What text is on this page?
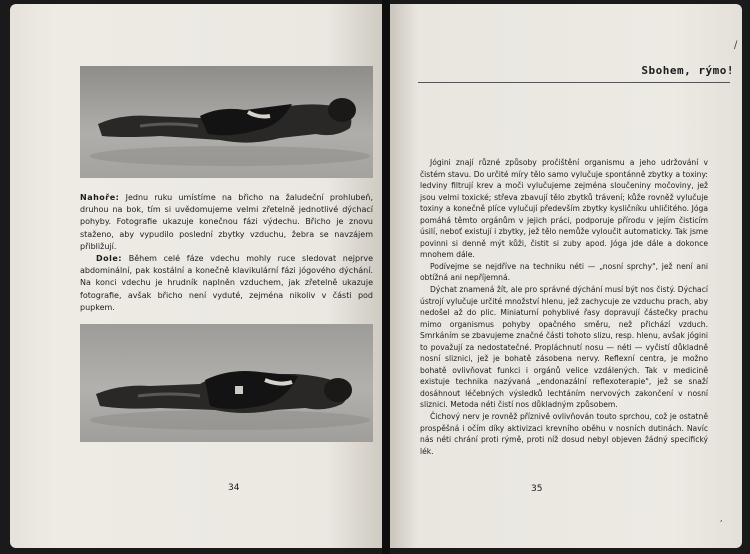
Nahoře: Jednu ruku umístíme na břicho na žaludeční prohlubeň, druhou na bok, tím si uvědomujeme velmi zřetelně jednotlivé dýchací pohyby. Fotografie ukazuje konečnou fázi výdechu. Břicho je znovu staženo, aby vypudilo poslední zbytky vzduchu, žebra se navzájem přibližují.

Dole: Během celé fáze vdechu mohly ruce sledovat nejprve abdominální, pak kostální a konečně klavikulární fázi jógového dýchání. Na konci vdechu je hrudník naplněn vzduchem, jak zřetelně ukazuje fotografie, avšak břicho není vyduté, zejména nikoliv v části pod pupkem.

34
Sbohem, rýmo!

Jógini znají různé způsoby pročištění organismu a jeho udržování v čistém stavu. Do určité míry tělo samo vylučuje spontánně zbytky a toxiny: ledviny filtrují krev a moči vylučujeme zejména sloučeniny močoviny, jež jsou velmi toxické; střeva zbavují tělo zbytků trávení; kůže rovněž vylučuje toxiny a konečně plíce vylučují především zbytky kysličníku uhličitého. Jóga pomáhá těmto orgánům v jejich práci, podporuje přírodu v jejím čisticím úsilí, neboť existují i zbytky, jež tělo nemůže vyloučit automaticky. Tak jsme povinni si denně mýt kůži, čistit si zuby apod. Jóga jde dále a dokonce mnohem dále.

Podívejme se nejdříve na techniku néti — „nosní sprchy", jež není ani obtížná ani nepříjemná.

Dýchat znamená žít, ale pro správné dýchání musí být nos čistý. Dýchací ústrojí vylučuje určité množství hlenu, jež zachycuje ze vzduchu prach, aby nedošel až do plic. Miniaturní pohyblivé řasy dopravují částečky prachu mimo organismus pohyby opačného směru, než přichází vzduch. Smrkáním se zbavujeme značné části tohoto slizu, resp. hlenu, avšak jógini to považují za nedostatečné. Propláchnutí nosu — néti — vyčistí důkladně nosní sliznici, jež je bohatě zásobena nervy. Reflexní centra, je možno bohatě ovlivňovat funkci i orgánů velice vzdálených. Tak v medicině existuje technika nazývaná „endonazální reflexoterapie", jež se snaží dosáhnout léčebných výsledků lechtáním nervových zakončení v nosní sliznici. Metoda néti čistí nos důkladným způsobem.

Čichový nerv je rovněž příznivě ovlivňován touto sprchou, což je ostatně prospěšná i očím díky aktivizaci krevního oběhu v nosních dutinách. Navíc nás néti chrání proti rýmě, proti níž dosud nebyl objeven žádný specifický lék.

35
/
,
